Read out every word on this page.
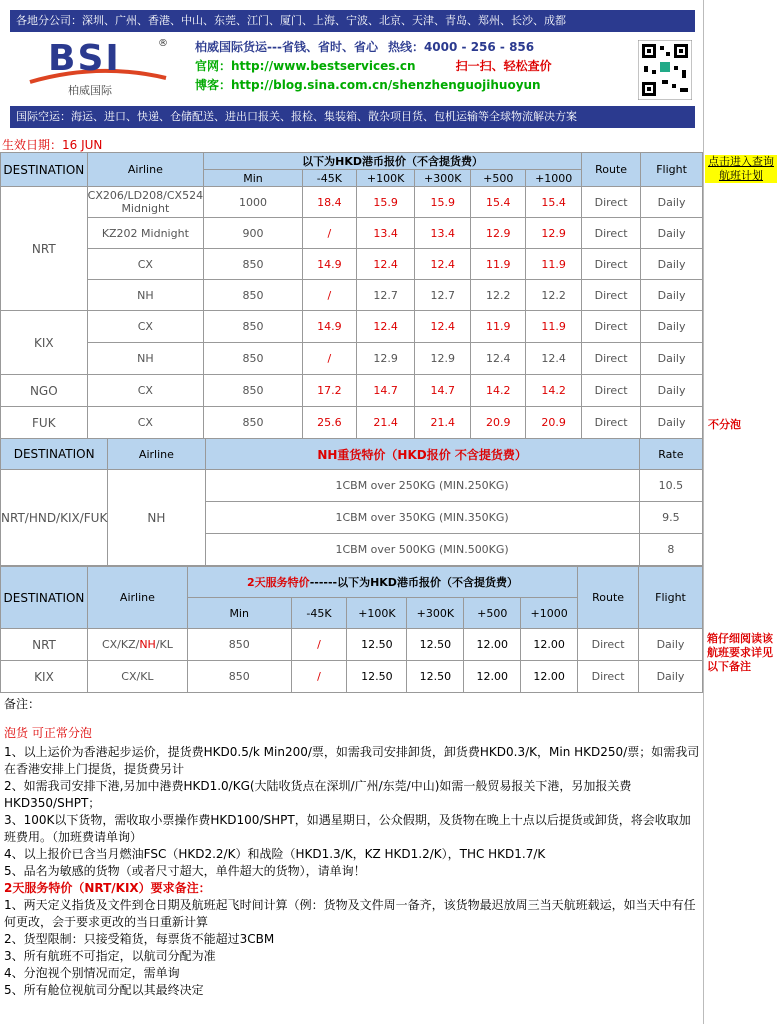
各地分公司：深圳、广州、香港、中山、东莞、江门、厦门、上海、宁波、北京、天津、青岛、郑州、长沙、成都
BSI	®
柏威国际
柏威国际货运---省钱、省时、省心 热线：4000 - 256 - 856
官网：http://www.bestservices.cn	扫一扫、轻松查价
博客：http://blog.sina.com.cn/shenzhenguojihuoyun
国际空运：海运、进口、快递、仓储配送、进出口报关、报检、集装箱、散杂项目货、包机运输等全球物流解决方案
生效日期：16 JUN
点击进入查询航班计划
不分泡
箱仔细阅读该航班要求详见以下备注
DESTINATION	Airline	以下为HKD港币报价（不含提货费）						Route	Flight
		Min	-45K	+100K	+300K	+500	+1000		
NRT	CX206/LD208/CX524 Midnight	1000	18.4	15.9	15.9	15.4	15.4	Direct	Daily
	KZ202 Midnight	900	/	13.4	13.4	12.9	12.9	Direct	Daily
	CX	850	14.9	12.4	12.4	11.9	11.9	Direct	Daily
	NH	850	/	12.7	12.7	12.2	12.2	Direct	Daily
KIX	CX	850	14.9	12.4	12.4	11.9	11.9	Direct	Daily
	NH	850	/	12.9	12.9	12.4	12.4	Direct	Daily
NGO	CX	850	17.2	14.7	14.7	14.2	14.2	Direct	Daily
FUK	CX	850	25.6	21.4	21.4	20.9	20.9	Direct	Daily
DESTINATION	Airline	NH重货特价（HKD报价 不含提货费）	Rate
NRT/HND/KIX/FUK	NH	1CBM over 250KG (MIN.250KG)	10.5
		1CBM over 350KG (MIN.350KG)	9.5
		1CBM over 500KG (MIN.500KG)	8
DESTINATION	Airline	2天服务特价------以下为HKD港币报价（不含提货费）						Route	Flight
		Min	-45K	+100K	+300K	+500	+1000		
NRT	CX/KZ/NH/KL	850	/	12.50	12.50	12.00	12.00	Direct	Daily
KIX	CX/KL	850	/	12.50	12.50	12.00	12.00	Direct	Daily
备注：
泡货 可正常分泡
1、以上运价为香港起步运价，提货费HKD0.5/k Min200/票，如需我司安排卸货，卸货费HKD0.3/K，Min HKD250/票；如需我司在香港安排上门提货，提货费另计
2、如需我司安排下港,另加中港费HKD1.0/KG(大陆收货点在深圳/广州/东莞/中山)如需一般贸易报关下港，另加报关费HKD350/SHPT；
3、100K以下货物，需收取小票操作费HKD100/SHPT，如遇星期日，公众假期，及货物在晚上十点以后提货或卸货，将会收取加班费用。（加班费请单询）
4、以上报价已含当月燃油FSC（HKD2.2/K）和战险（HKD1.3/K，KZ HKD1.2/K），THC HKD1.7/K
5、品名为敏感的货物（或者尺寸超大，单件超大的货物），请单询！
2天服务特价（NRT/KIX）要求备注：
1、两天定义指货及文件到仓日期及航班起飞时间计算（例：货物及文件周一备齐，该货物最迟放周三当天航班载运，如当天中有任何更改，会于要求更改的当日重新计算
2、货型限制：只接受箱货，每票货不能超过3CBM
3、所有航班不可指定，以航司分配为准
4、分泡视个别情况而定，需单询
5、所有舱位视航司分配以其最终决定
